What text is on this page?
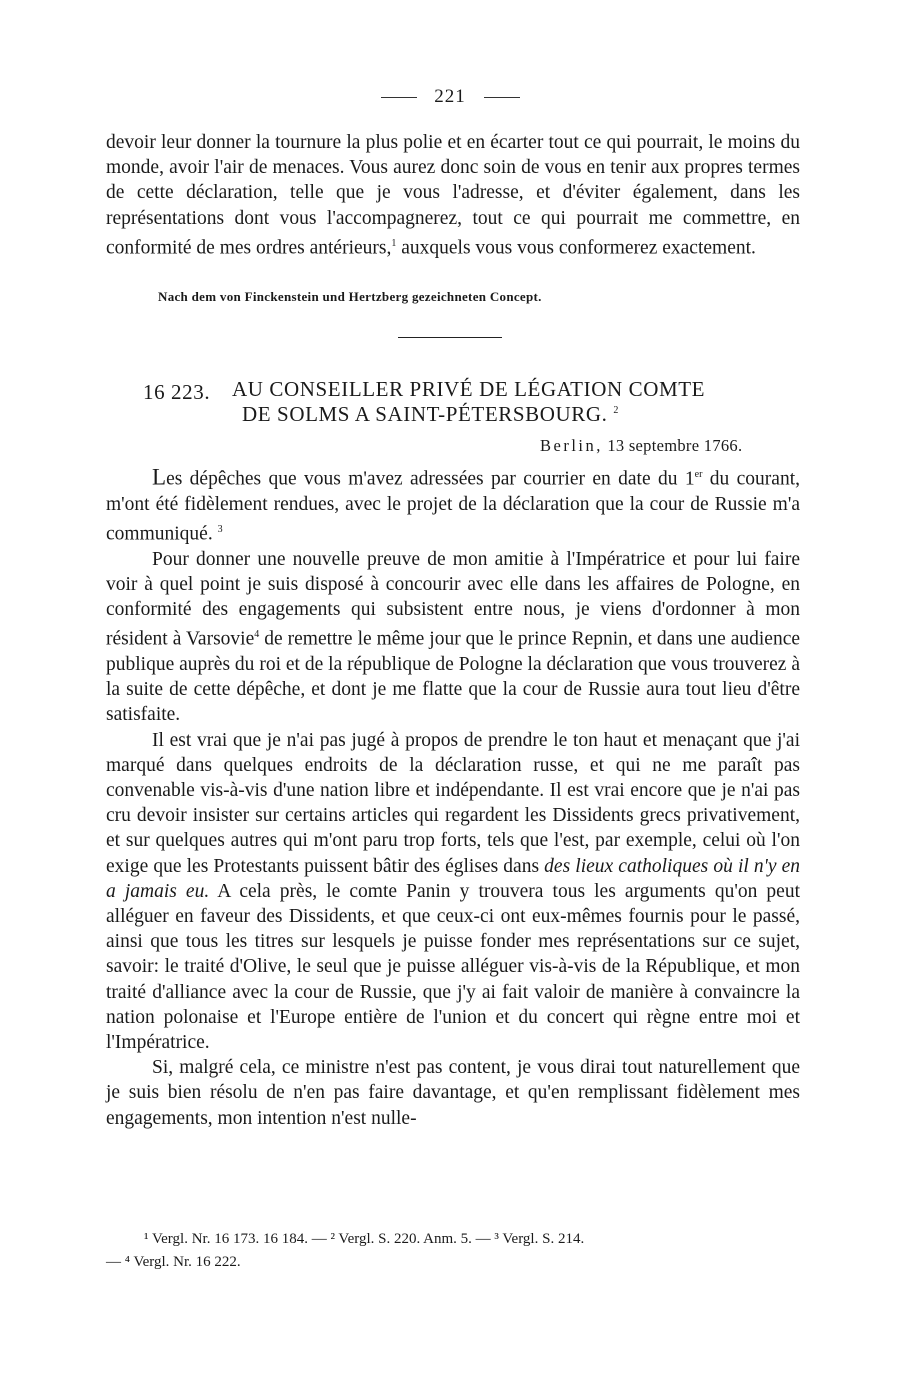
221

devoir leur donner la tournure la plus polie et en écarter tout ce qui pourrait, le moins du monde, avoir l'air de menaces. Vous aurez donc soin de vous en tenir aux propres termes de cette déclaration, telle que je vous l'adresse, et d'éviter également, dans les représentations dont vous l'accompagnerez, tout ce qui pourrait me commettre, en conformité de mes ordres antérieurs,$^1$ auxquels vous vous conformerez exactement.

Nach dem von Finckenstein und Hertzberg gezeichneten Concept.
16 223. AU CONSEILLER PRIVÉ DE LÉGATION COMTE
DE SOLMS A SAINT-PÉTERSBOURG. $^2$
Berlin, 13 septembre 1766.

Les dépêches que vous m'avez adressées par courrier en date du 1er du courant, m'ont été fidèlement rendues, avec le projet de la déclaration que la cour de Russie m'a communiqué. $^3$

Pour donner une nouvelle preuve de mon amitie à l'Impératrice et pour lui faire voir à quel point je suis disposé à concourir avec elle dans les affaires de Pologne, en conformité des engagements qui subsistent entre nous, je viens d'ordonner à mon résident à Varsovie$^4$ de remettre le même jour que le prince Repnin, et dans une audience publique auprès du roi et de la république de Pologne la déclaration que vous trouverez à la suite de cette dépêche, et dont je me flatte que la cour de Russie aura tout lieu d'être satisfaite.

Il est vrai que je n'ai pas jugé à propos de prendre le ton haut et menaçant que j'ai marqué dans quelques endroits de la déclaration russe, et qui ne me paraît pas convenable vis-à-vis d'une nation libre et indépendante. Il est vrai encore que je n'ai pas cru devoir insister sur certains articles qui regardent les Dissidents grecs privativement, et sur quelques autres qui m'ont paru trop forts, tels que l'est, par exemple, celui où l'on exige que les Protestants puissent bâtir des églises dans des lieux catholiques où il n'y en a jamais eu. A cela près, le comte Panin y trouvera tous les arguments qu'on peut alléguer en faveur des Dissidents, et que ceux-ci ont eux-mêmes fournis pour le passé, ainsi que tous les titres sur lesquels je puisse fonder mes représentations sur ce sujet, savoir: le traité d'Olive, le seul que je puisse alléguer vis-à-vis de la République, et mon traité d'alliance avec la cour de Russie, que j'y ai fait valoir de manière à convaincre la nation polonaise et l'Europe entière de l'union et du concert qui règne entre moi et l'Impératrice.

Si, malgré cela, ce ministre n'est pas content, je vous dirai tout naturellement que je suis bien résolu de n'en pas faire davantage, et qu'en remplissant fidèlement mes engagements, mon intention n'est nulle-

¹ Vergl. Nr. 16 173. 16 184. — ² Vergl. S. 220. Anm. 5. — ³ Vergl. S. 214.
— ⁴ Vergl. Nr. 16 222.
